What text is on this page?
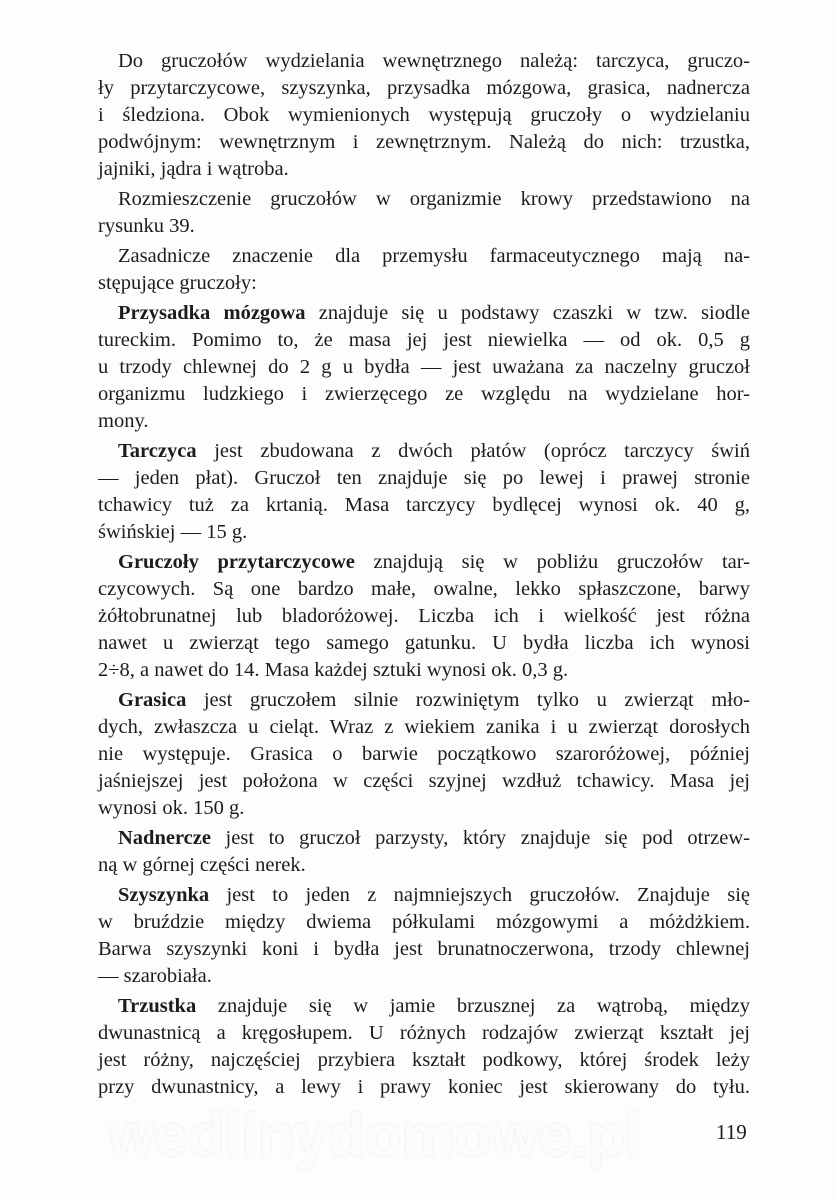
Do gruczołów wydzielania wewnętrznego należą: tarczyca, gruczo-
ły przytarczycowe, szyszynka, przysadka mózgowa, grasica, nadnercza
i śledziona. Obok wymienionych występują gruczoły o wydzielaniu
podwójnym: wewnętrznym i zewnętrznym. Należą do nich: trzustka,
jajniki, jądra i wątroba.
Rozmieszczenie gruczołów w organizmie krowy przedstawiono na
rysunku 39.
Zasadnicze znaczenie dla przemysłu farmaceutycznego mają na-
stępujące gruczoły:
Przysadka mózgowa znajduje się u podstawy czaszki w tzw. siodle
tureckim. Pomimo to, że masa jej jest niewielka — od ok. 0,5 g
u trzody chlewnej do 2 g u bydła — jest uważana za naczelny gruczoł
organizmu ludzkiego i zwierzęcego ze względu na wydzielane hor-
mony.
Tarczyca jest zbudowana z dwóch płatów (oprócz tarczycy świń
— jeden płat). Gruczoł ten znajduje się po lewej i prawej stronie
tchawicy tuż za krtanią. Masa tarczycy bydlęcej wynosi ok. 40 g,
świńskiej — 15 g.
Gruczoły przytarczycowe znajdują się w pobliżu gruczołów tar-
czycowych. Są one bardzo małe, owalne, lekko spłaszczone, barwy
żółtobrunatnej lub bladoróżowej. Liczba ich i wielkość jest różna
nawet u zwierząt tego samego gatunku. U bydła liczba ich wynosi
2÷8, a nawet do 14. Masa każdej sztuki wynosi ok. 0,3 g.
Grasica jest gruczołem silnie rozwiniętym tylko u zwierząt mło-
dych, zwłaszcza u cieląt. Wraz z wiekiem zanika i u zwierząt dorosłych
nie występuje. Grasica o barwie początkowo szaroróżowej, później
jaśniejszej jest położona w części szyjnej wzdłuż tchawicy. Masa jej
wynosi ok. 150 g.
Nadnercze jest to gruczoł parzysty, który znajduje się pod otrzew-
ną w górnej części nerek.
Szyszynka jest to jeden z najmniejszych gruczołów. Znajduje się
w bruździe między dwiema półkulami mózgowymi a móżdżkiem.
Barwa szyszynki koni i bydła jest brunatnoczerwona, trzody chlewnej
— szarobiała.
Trzustka znajduje się w jamie brzusznej za wątrobą, między
dwunastnicą a kręgosłupem. U różnych rodzajów zwierząt kształt jej
jest różny, najczęściej przybiera kształt podkowy, której środek leży
przy dwunastnicy, a lewy i prawy koniec jest skierowany do tyłu.
wedlinydomowe.pl	119
